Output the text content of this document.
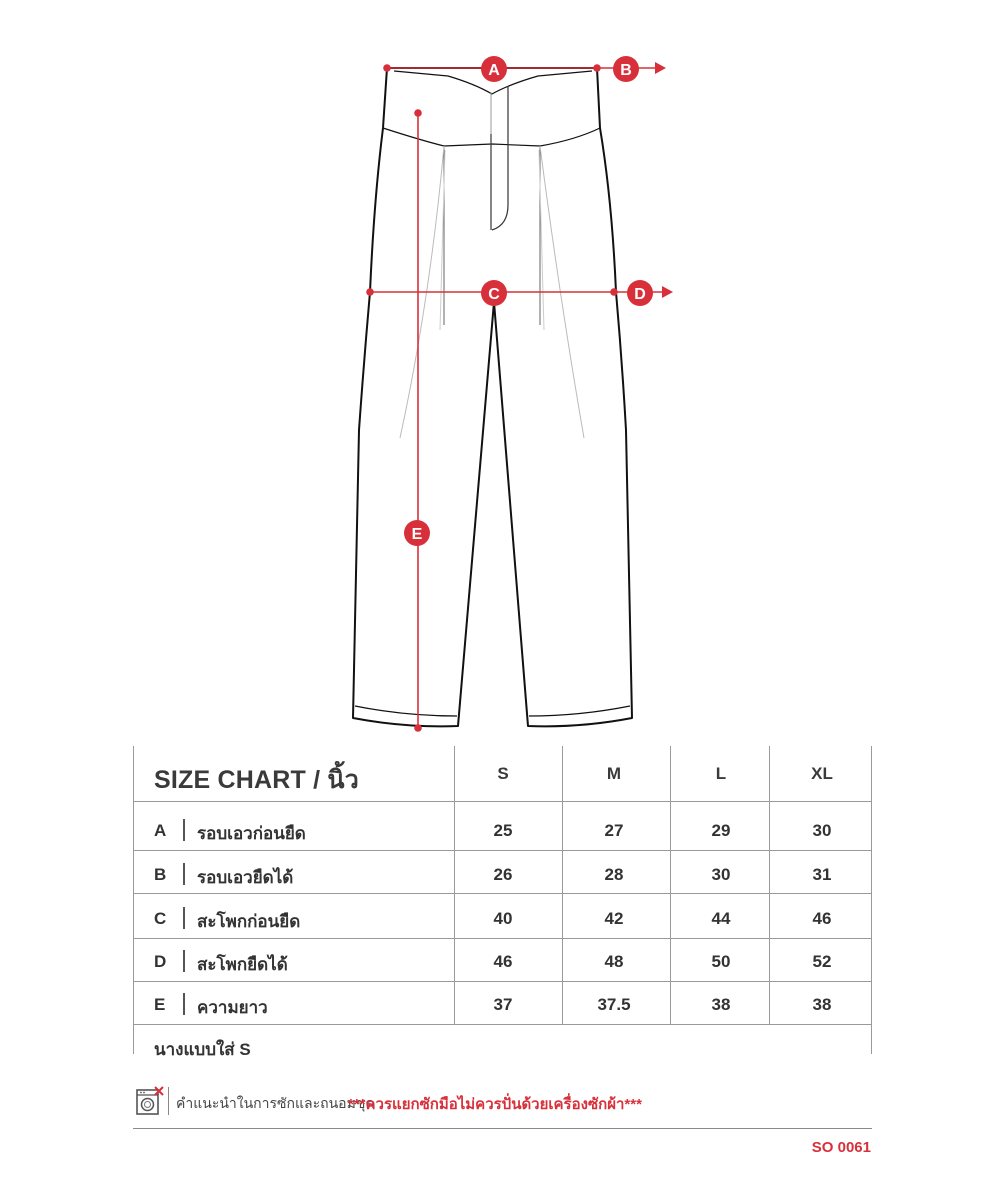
A	B
C	D
E
SIZE CHART / นิ้ว	S	M	L	XL
A รอบเอวก่อนยืด	25	27	29	30
B รอบเอวยืดได้	26	28	30	31
C สะโพกก่อนยืด	40	42	44	46
D สะโพกยืดได้	46	48	50	52
E ความยาว	37	37.5	38	38
นางแบบใส่ S
คำแนะนำในการซักและถนอมชุด
***ควรแยกซักมือไม่ควรปั่นด้วยเครื่องซักผ้า***
SO 0061
